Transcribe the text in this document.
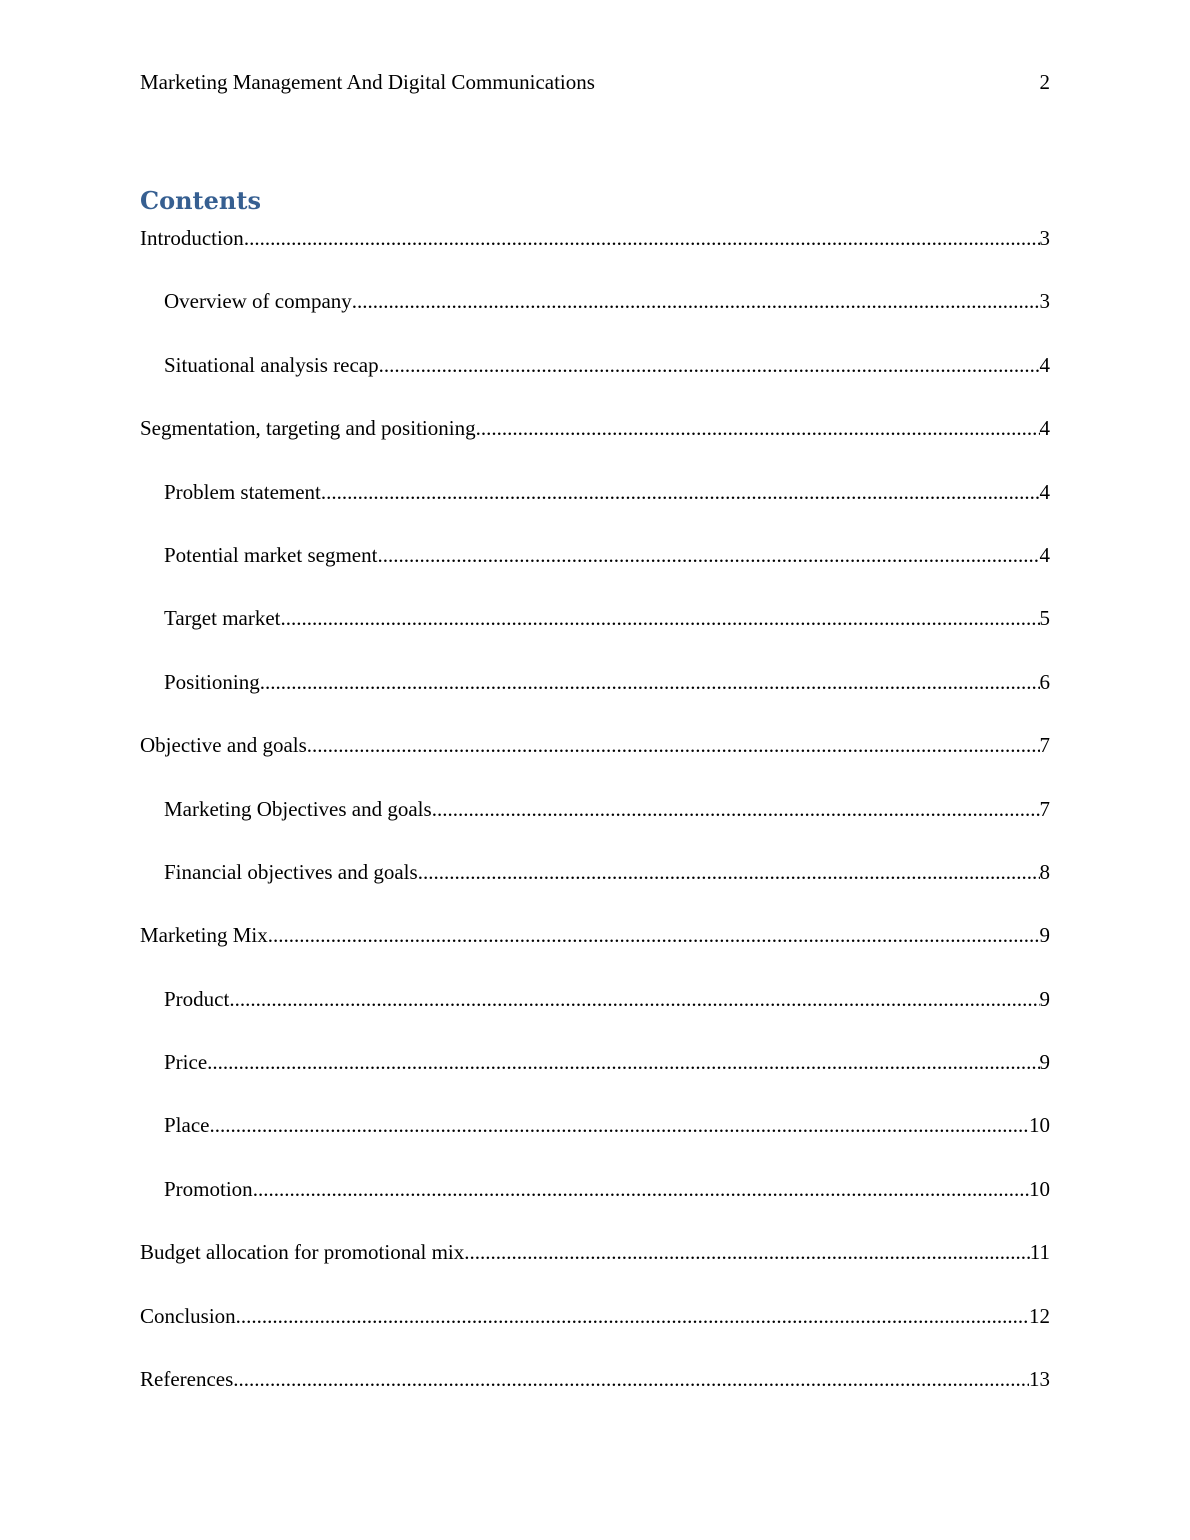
Marketing Management And Digital Communications	2
Contents
Introduction .....	3
Overview of company .....	3
Situational analysis recap .....	4
Segmentation, targeting and positioning .....	4
Problem statement .....	4
Potential market segment .....	4
Target market .....	5
Positioning .....	6
Objective and goals .....	7
Marketing Objectives and goals .....	7
Financial objectives and goals .....	8
Marketing Mix .....	9
Product .....	9
Price .....	9
Place .....	10
Promotion .....	10
Budget allocation for promotional mix .....	11
Conclusion .....	12
References .....	13
